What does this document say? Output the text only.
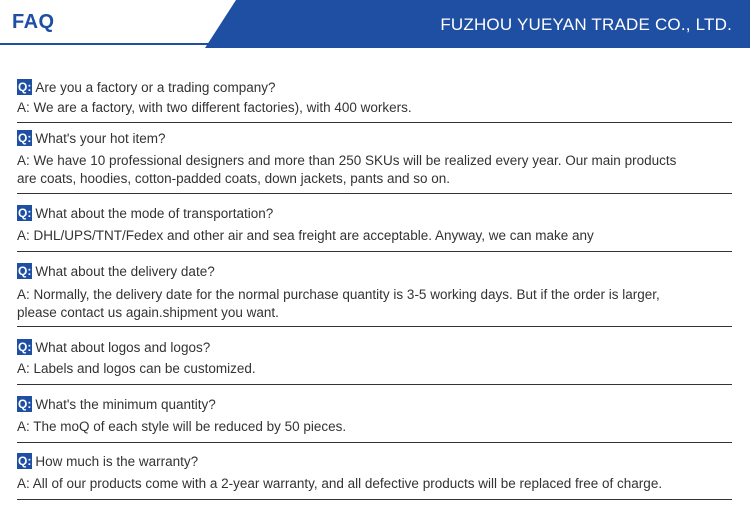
FAQ	FUZHOU YUEYAN TRADE CO., LTD.
Q: Are you a factory or a trading company?
A: We are a factory, with two different factories), with 400 workers.
Q: What's your hot item?
A: We have 10 professional designers and more than 250 SKUs will be realized every year. Our main products are coats, hoodies, cotton-padded coats, down jackets, pants and so on.
Q: What about the mode of transportation?
A: DHL/UPS/TNT/Fedex and other air and sea freight are acceptable. Anyway, we can make any
Q: What about the delivery date?
A: Normally, the delivery date for the normal purchase quantity is 3-5 working days. But if the order is larger, please contact us again.shipment you want.
Q: What about logos and logos?
A: Labels and logos can be customized.
Q: What's the minimum quantity?
A: The moQ of each style will be reduced by 50 pieces.
Q: How much is the warranty?
A: All of our products come with a 2-year warranty, and all defective products will be replaced free of charge.
